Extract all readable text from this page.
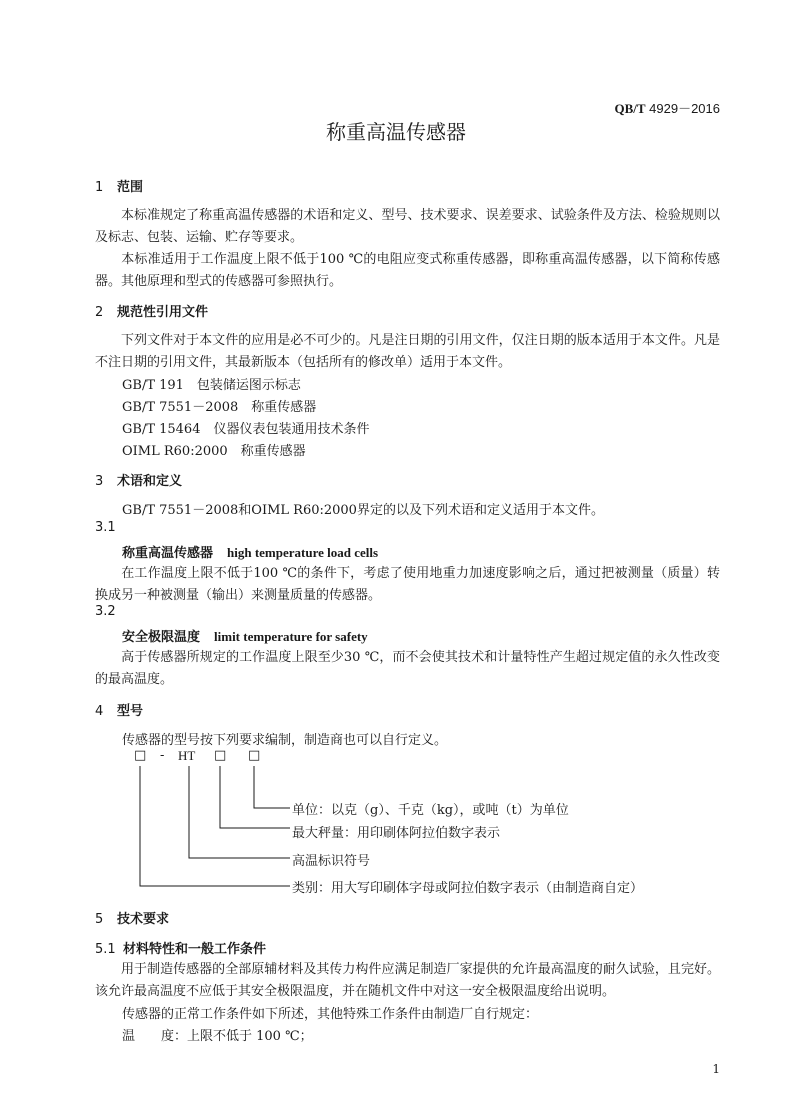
QB/T 4929－2016
称重高温传感器
1 范围
本标准规定了称重高温传感器的术语和定义、型号、技术要求、误差要求、试验条件及方法、检验规则以及标志、包装、运输、贮存等要求。
本标准适用于工作温度上限不低于100 ℃的电阻应变式称重传感器，即称重高温传感器，以下简称传感器。其他原理和型式的传感器可参照执行。
2 规范性引用文件
下列文件对于本文件的应用是必不可少的。凡是注日期的引用文件，仅注日期的版本适用于本文件。凡是不注日期的引用文件，其最新版本（包括所有的修改单）适用于本文件。
GB/T 191　包装储运图示标志
GB/T 7551－2008　称重传感器
GB/T 15464　仪器仪表包装通用技术条件
OIML R60:2000　称重传感器
3 术语和定义
GB/T 7551－2008和OIML R60:2000界定的以及下列术语和定义适用于本文件。
3.1
称重高温传感器 high temperature load cells
在工作温度上限不低于100 ℃的条件下，考虑了使用地重力加速度影响之后，通过把被测量（质量）转换成另一种被测量（输出）来测量质量的传感器。
3.2
安全极限温度 limit temperature for safety
高于传感器所规定的工作温度上限至少30 ℃，而不会使其技术和计量特性产生超过规定值的永久性改变的最高温度。
4 型号
传感器的型号按下列要求编制，制造商也可以自行定义。
□ - HT □ □
单位：以克（g）、千克（kg），或吨（t）为单位
最大秤量：用印刷体阿拉伯数字表示
高温标识符号
类别：用大写印刷体字母或阿拉伯数字表示（由制造商自定）
5 技术要求
5.1 材料特性和一般工作条件
用于制造传感器的全部原辅材料及其传力构件应满足制造厂家提供的允许最高温度的耐久试验，且完好。该允许最高温度不应低于其安全极限温度，并在随机文件中对这一安全极限温度给出说明。
传感器的正常工作条件如下所述，其他特殊工作条件由制造厂自行规定：
温　　度：上限不低于 100 ℃；
1
